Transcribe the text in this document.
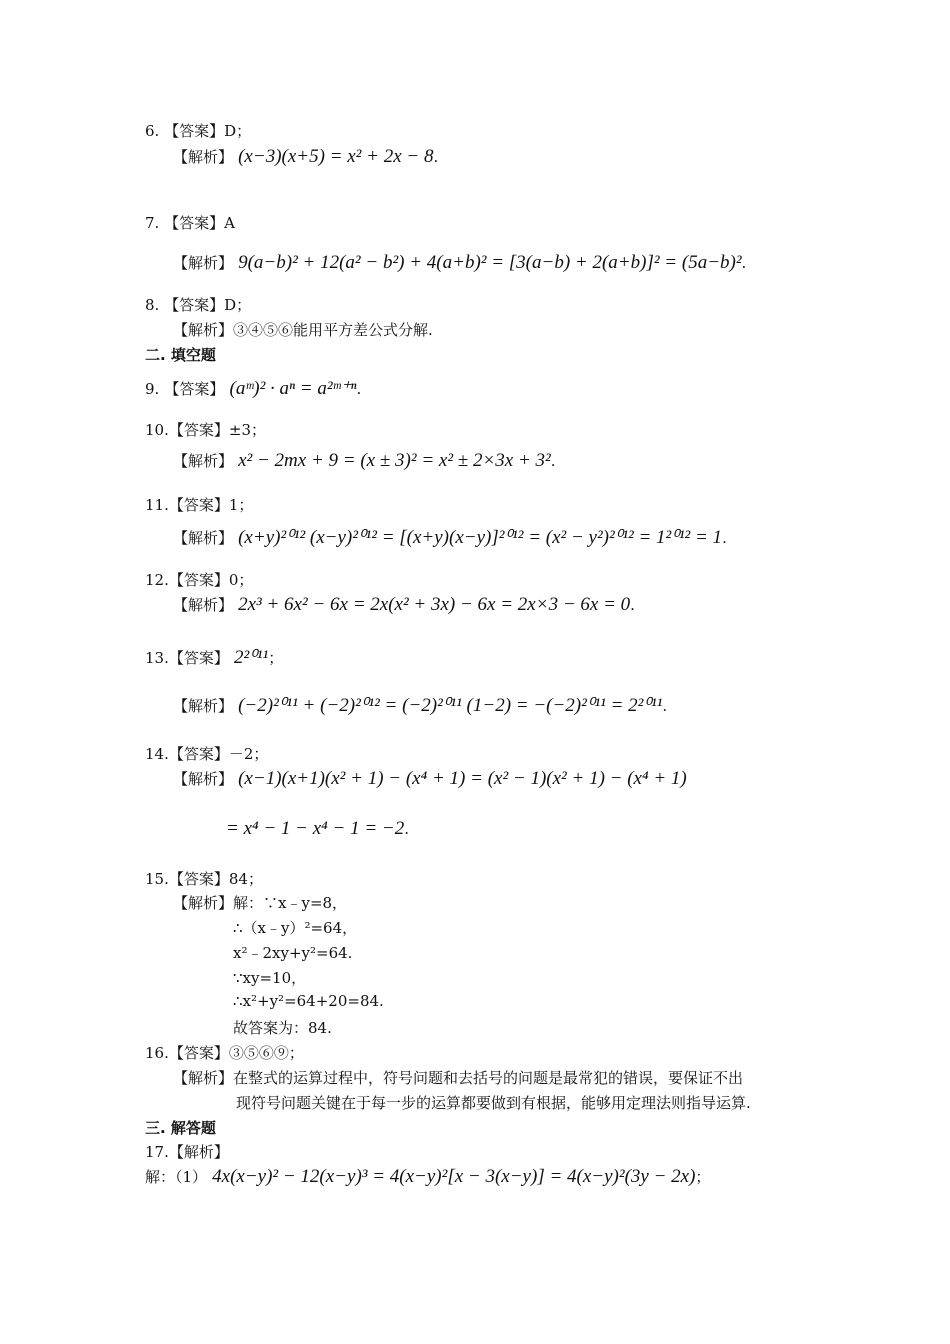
6. 【答案】D；
【解析】 (x−3)(x+5) = x² + 2x − 8.
7. 【答案】A
【解析】 9(a−b)² + 12(a² − b²) + 4(a+b)² = [3(a−b) + 2(a+b)]² = (5a−b)².
8. 【答案】D；
【解析】③④⑤⑥能用平方差公式分解.
二. 填空题
9. 【答案】 (aᵐ)² · aⁿ = a²ᵐ⁺ⁿ.
10.【答案】±3；
【解析】 x² − 2mx + 9 = (x ± 3)² = x² ± 2×3x + 3².
11.【答案】1；
【解析】 (x+y)²⁰¹² (x−y)²⁰¹² = [(x+y)(x−y)]²⁰¹² = (x² − y²)²⁰¹² = 1²⁰¹² = 1.
12.【答案】0；
【解析】 2x³ + 6x² − 6x = 2x(x² + 3x) − 6x = 2x×3 − 6x = 0.
13.【答案】 2²⁰¹¹；
【解析】 (−2)²⁰¹¹ + (−2)²⁰¹² = (−2)²⁰¹¹ (1−2) = −(−2)²⁰¹¹ = 2²⁰¹¹.
14.【答案】－2；
【解析】 (x−1)(x+1)(x² + 1) − (x⁴ + 1) = (x² − 1)(x² + 1) − (x⁴ + 1)
= x⁴ − 1 − x⁴ − 1 = −2.
15.【答案】84；
【解析】解：∵x﹣y=8，
∴（x﹣y）²=64，
x²﹣2xy+y²=64.
∵xy=10，
∴x²+y²=64+20=84.
故答案为：84.
16.【答案】③⑤⑥⑨；
【解析】在整式的运算过程中，符号问题和去括号的问题是最常犯的错误，要保证不出
现符号问题关键在于每一步的运算都要做到有根据，能够用定理法则指导运算.
三. 解答题
17.【解析】
解：（1） 4x(x−y)² − 12(x−y)³ = 4(x−y)²[x − 3(x−y)] = 4(x−y)²(3y − 2x)；
